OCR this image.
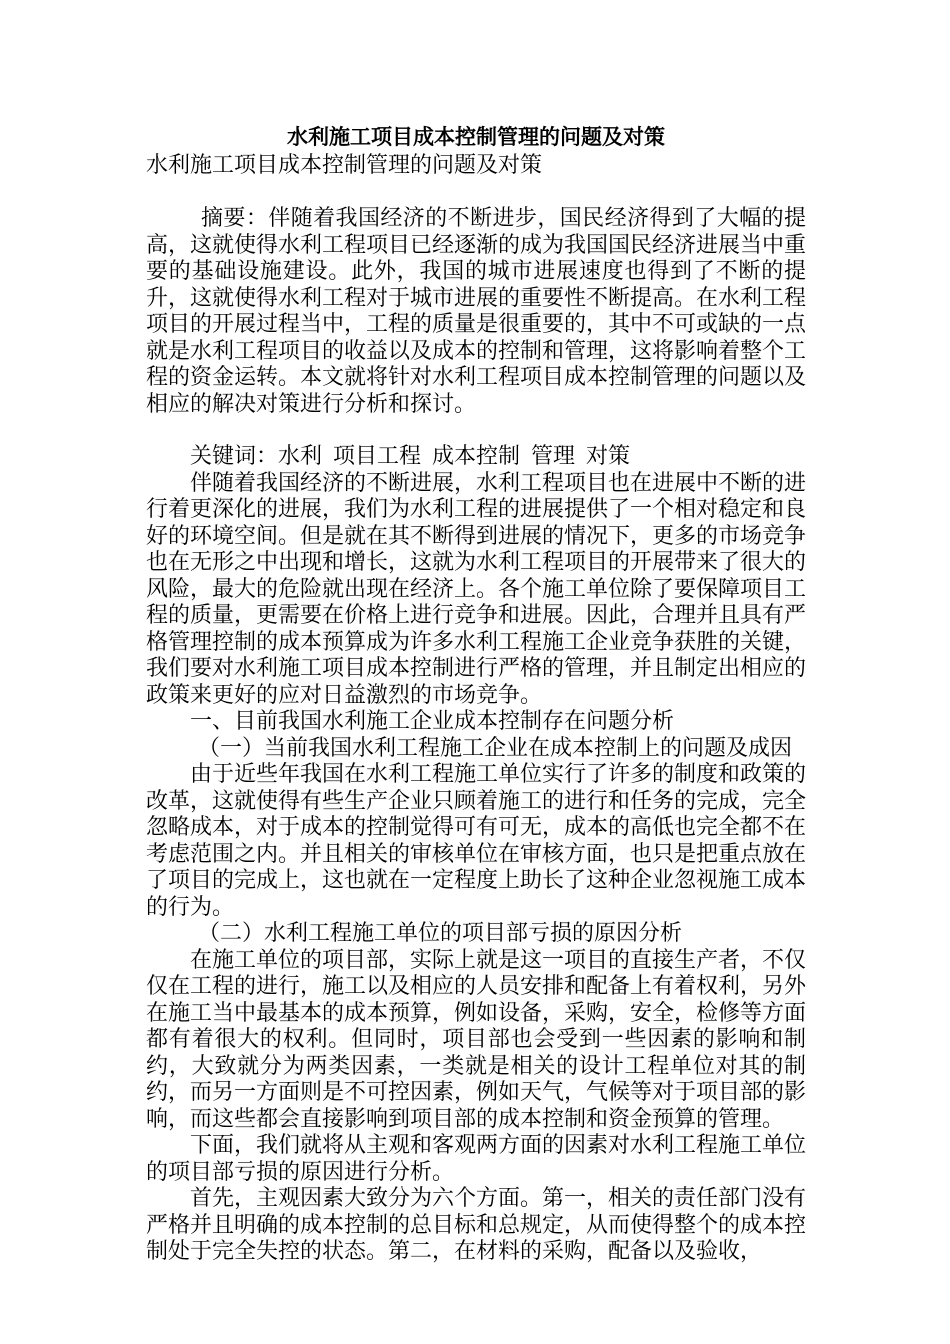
水利施工项目成本控制管理的问题及对策
水利施工项目成本控制管理的问题及对策

摘要：伴随着我国经济的不断进步，国民经济得到了大幅的提高，这就使得水利工程项目已经逐渐的成为我国国民经济进展当中重要的基础设施建设。此外，我国的城市进展速度也得到了不断的提升，这就使得水利工程对于城市进展的重要性不断提高。在水利工程项目的开展过程当中，工程的质量是很重要的，其中不可或缺的一点就是水利工程项目的收益以及成本的控制和管理，这将影响着整个工程的资金运转。本文就将针对水利工程项目成本控制管理的问题以及相应的解决对策进行分析和探讨。

关键词：水利 项目工程 成本控制 管理 对策

伴随着我国经济的不断进展，水利工程项目也在进展中不断的进行着更深化的进展，我们为水利工程的进展提供了一个相对稳定和良好的环境空间。但是就在其不断得到进展的情况下，更多的市场竞争也在无形之中出现和增长，这就为水利工程项目的开展带来了很大的风险，最大的危险就出现在经济上。各个施工单位除了要保障项目工程的质量，更需要在价格上进行竞争和进展。因此，合理并且具有严格管理控制的成本预算成为许多水利工程施工企业竞争获胜的关键，我们要对水利施工项目成本控制进行严格的管理，并且制定出相应的政策来更好的应对日益激烈的市场竞争。

一、目前我国水利施工企业成本控制存在问题分析

（一）当前我国水利工程施工企业在成本控制上的问题及成因

由于近些年我国在水利工程施工单位实行了许多的制度和政策的改革，这就使得有些生产企业只顾着施工的进行和任务的完成，完全忽略成本，对于成本的控制觉得可有可无，成本的高低也完全都不在考虑范围之内。并且相关的审核单位在审核方面，也只是把重点放在了项目的完成上，这也就在一定程度上助长了这种企业忽视施工成本的行为。

（二）水利工程施工单位的项目部亏损的原因分析

在施工单位的项目部，实际上就是这一项目的直接生产者，不仅仅在工程的进行，施工以及相应的人员安排和配备上有着权利，另外在施工当中最基本的成本预算，例如设备，采购，安全，检修等方面都有着很大的权利。但同时，项目部也会受到一些因素的影响和制约，大致就分为两类因素，一类就是相关的设计工程单位对其的制约，而另一方面则是不可控因素，例如天气，气候等对于项目部的影响，而这些都会直接影响到项目部的成本控制和资金预算的管理。

下面，我们就将从主观和客观两方面的因素对水利工程施工单位的项目部亏损的原因进行分析。

首先，主观因素大致分为六个方面。第一，相关的责任部门没有严格并且明确的成本控制的总目标和总规定，从而使得整个的成本控制处于完全失控的状态。第二，在材料的采购，配备以及验收，
